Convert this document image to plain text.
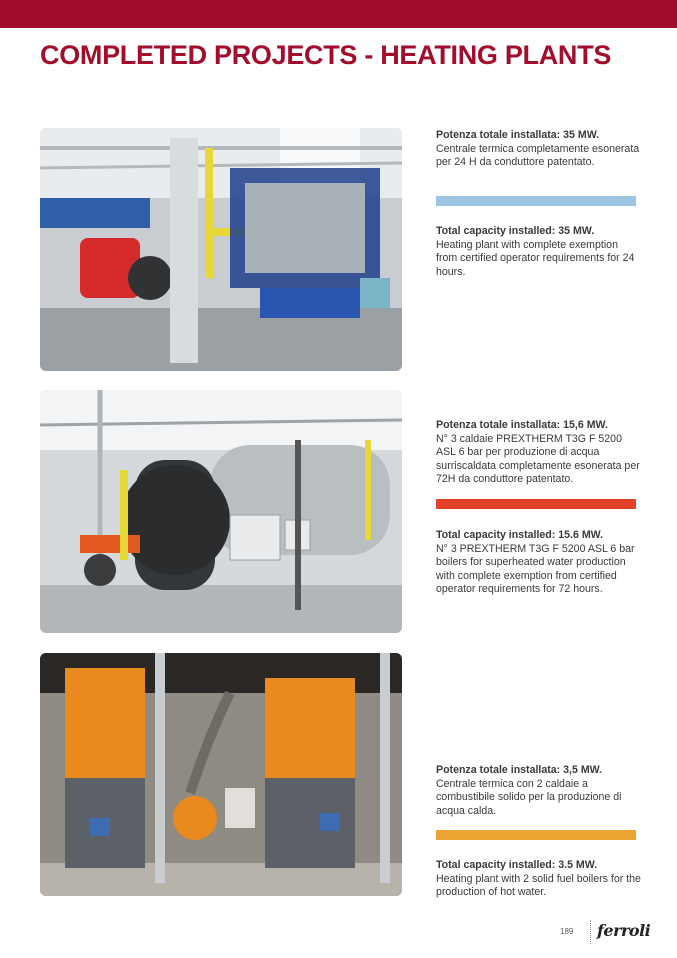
COMPLETED PROJECTS - HEATING PLANTS
Potenza totale installata: 35 MW.
Centrale termica completamente esonerata per 24 H da conduttore patentato.
Total capacity installed: 35 MW.
Heating plant with complete exemption from certified operator requirements for 24 hours.
Potenza totale installata: 15,6 MW.
N° 3 caldaie PREXTHERM T3G F 5200 ASL 6 bar per produzione di acqua surriscaldata completamente esonerata per 72H da conduttore patentato.
Total capacity installed: 15.6 MW.
N° 3 PREXTHERM T3G F 5200 ASL 6 bar boilers for superheated water production with complete exemption from certified operator requirements for 72 hours.
Potenza totale installata: 3,5 MW.
Centrale termica con 2 caldaie a combustibile solido per la produzione di acqua calda.
Total capacity installed: 3.5 MW.
Heating plant with 2 solid fuel boilers for the production of hot water.
189 ferroli
